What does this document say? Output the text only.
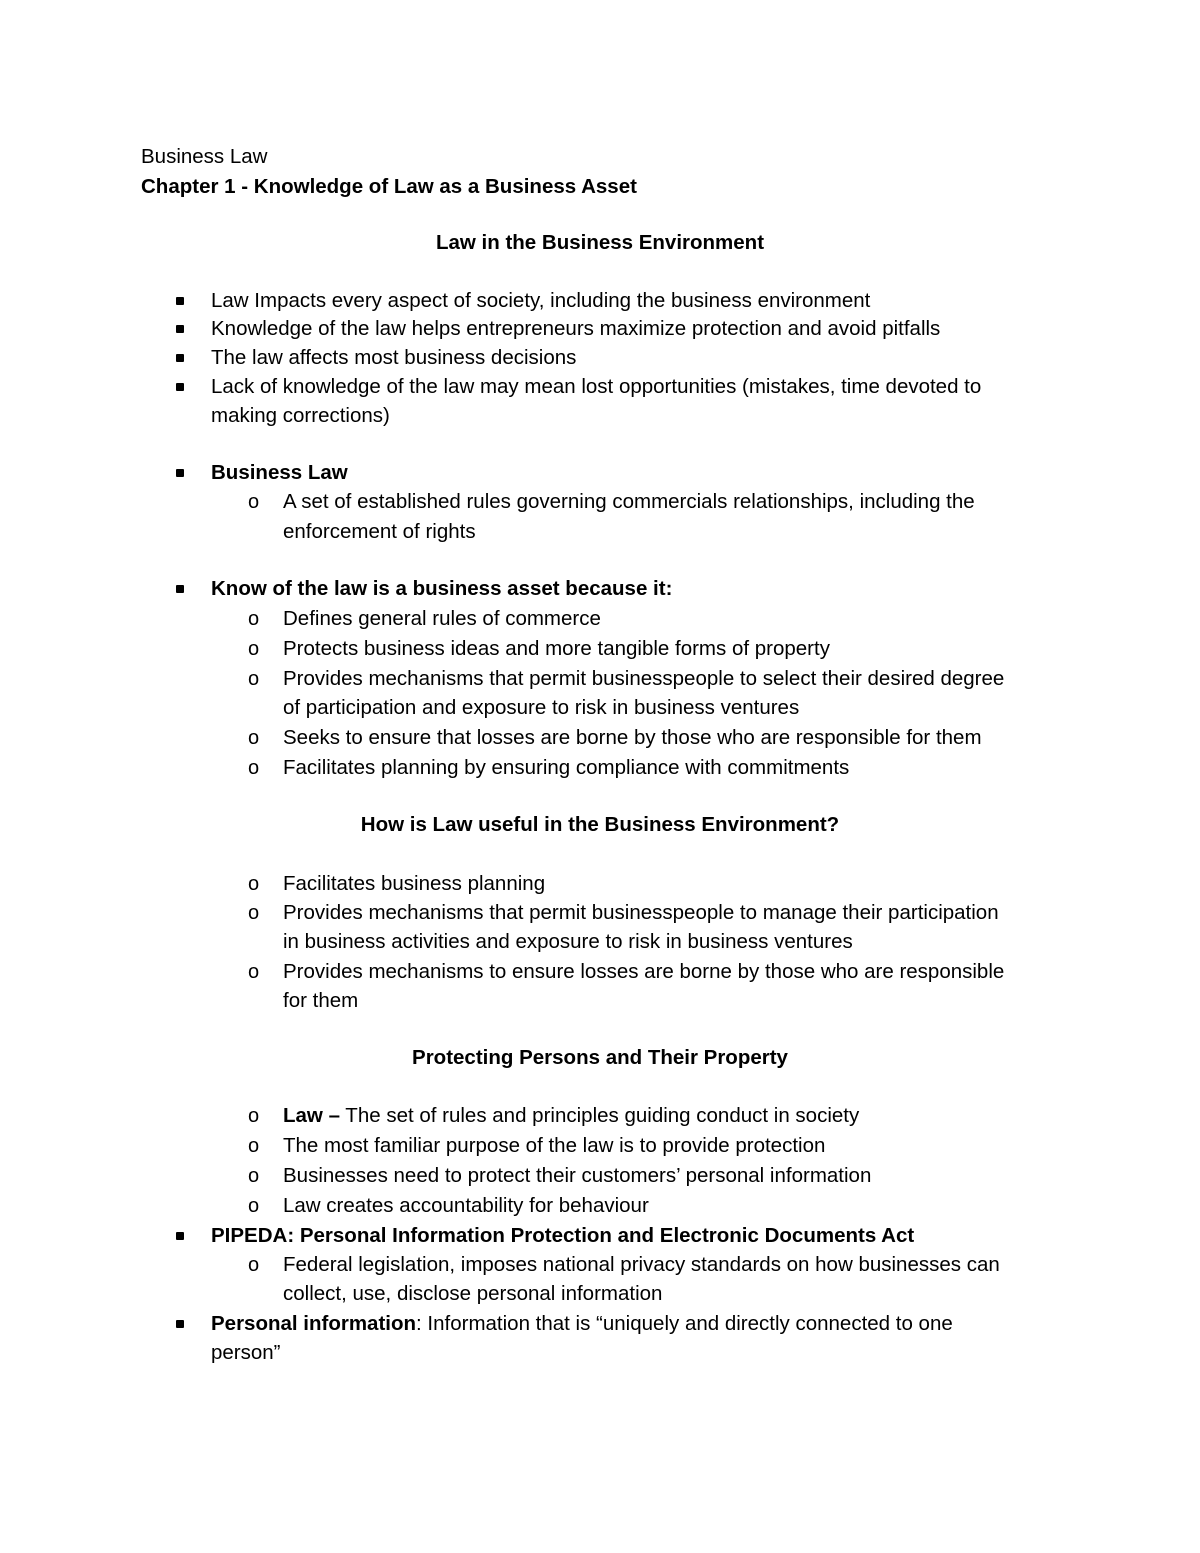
Business Law
Chapter 1 - Knowledge of Law as a Business Asset
Law in the Business Environment
Law Impacts every aspect of society, including the business environment
Knowledge of the law helps entrepreneurs maximize protection and avoid pitfalls
The law affects most business decisions
Lack of knowledge of the law may mean lost opportunities (mistakes, time devoted to
making corrections)
Business Law
o A set of established rules governing commercials relationships, including the
enforcement of rights
Know of the law is a business asset because it:
o Defines general rules of commerce
o Protects business ideas and more tangible forms of property
o Provides mechanisms that permit businesspeople to select their desired degree
of participation and exposure to risk in business ventures
o Seeks to ensure that losses are borne by those who are responsible for them
o Facilitates planning by ensuring compliance with commitments
How is Law useful in the Business Environment?
o Facilitates business planning
o Provides mechanisms that permit businesspeople to manage their participation
in business activities and exposure to risk in business ventures
o Provides mechanisms to ensure losses are borne by those who are responsible
for them
Protecting Persons and Their Property
o Law – The set of rules and principles guiding conduct in society
o The most familiar purpose of the law is to provide protection
o Businesses need to protect their customers’ personal information
o Law creates accountability for behaviour
PIPEDA: Personal Information Protection and Electronic Documents Act
o Federal legislation, imposes national privacy standards on how businesses can
collect, use, disclose personal information
Personal information: Information that is “uniquely and directly connected to one
person”
